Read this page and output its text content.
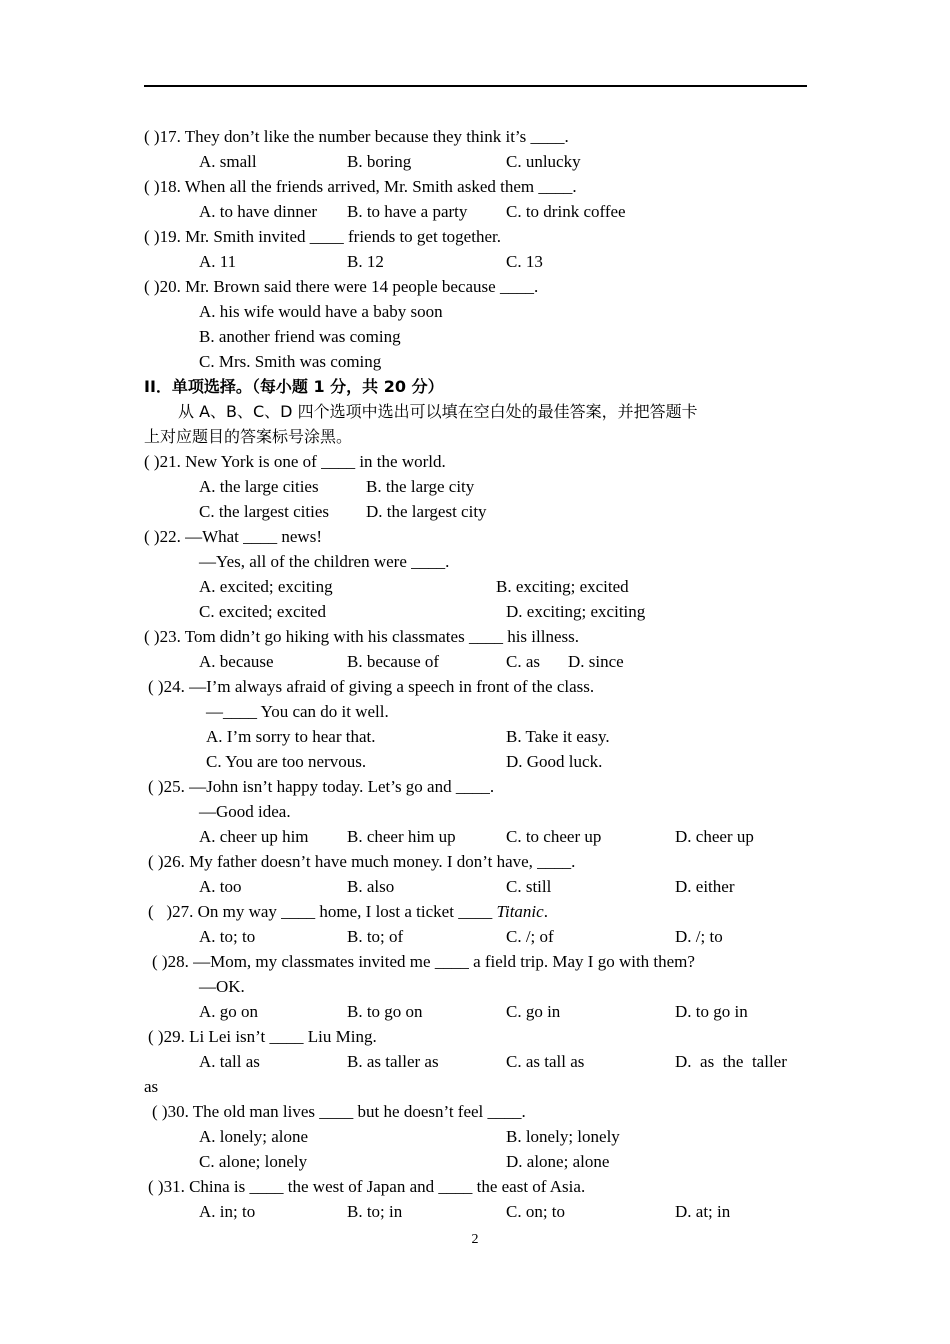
( )17. They don’t like the number because they think it’s ____.
A. small	B. boring	C. unlucky
( )18. When all the friends arrived, Mr. Smith asked them ____.
A. to have dinner B. to have a party C. to drink coffee
( )19. Mr. Smith invited ____ friends to get together.
A. 11	B. 12	C. 13
( )20. Mr. Brown said there were 14 people because ____.
A. his wife would have a baby soon
B. another friend was coming
C. Mrs. Smith was coming
II．单项选择。（每小题 1 分，共 20 分）
从 A、B、C、D 四个选项中选出可以填在空白处的最佳答案，并把答题卡
上对应题目的答案标号涂黑。
( )21. New York is one of ____ in the world.
A. the large cities	B. the large city
C. the largest cities D. the largest city
( )22. —What ____ news!
—Yes, all of the children were ____.
A. excited; exciting	B. exciting; excited
C. excited; excited	D. exciting; exciting
( )23. Tom didn’t go hiking with his classmates ____ his illness.
A. because	B. because of	C. as D. since
( )24. —I’m always afraid of giving a speech in front of the class.
—____ You can do it well.
A. I’m sorry to hear that.	B. Take it easy.
C. You are too nervous.	D. Good luck.
( )25. —John isn’t happy today. Let’s go and ____.
—Good idea.
A. cheer up him B. cheer him up	C. to cheer up	D. cheer up
( )26. My father doesn’t have much money. I don’t have, ____.
A. too	B. also	C. still	D. either
(   )27. On my way ____ home, I lost a ticket ____ Titanic.
A. to; to	B. to; of	C. /; of	D. /; to
( )28. —Mom, my classmates invited me ____ a field trip. May I go with them?
—OK.
A. go on	B. to go on	C. go in	D. to go in
( )29. Li Lei isn’t ____ Liu Ming.
A. tall as	B. as taller as	C. as tall as	D.  as  the  taller
as
( )30. The old man lives ____ but he doesn’t feel ____.
A. lonely; alone	B. lonely; lonely
C. alone; lonely	D. alone; alone
( )31. China is ____ the west of Japan and ____ the east of Asia.
A. in; to	B. to; in	C. on; to	D. at; in
2
